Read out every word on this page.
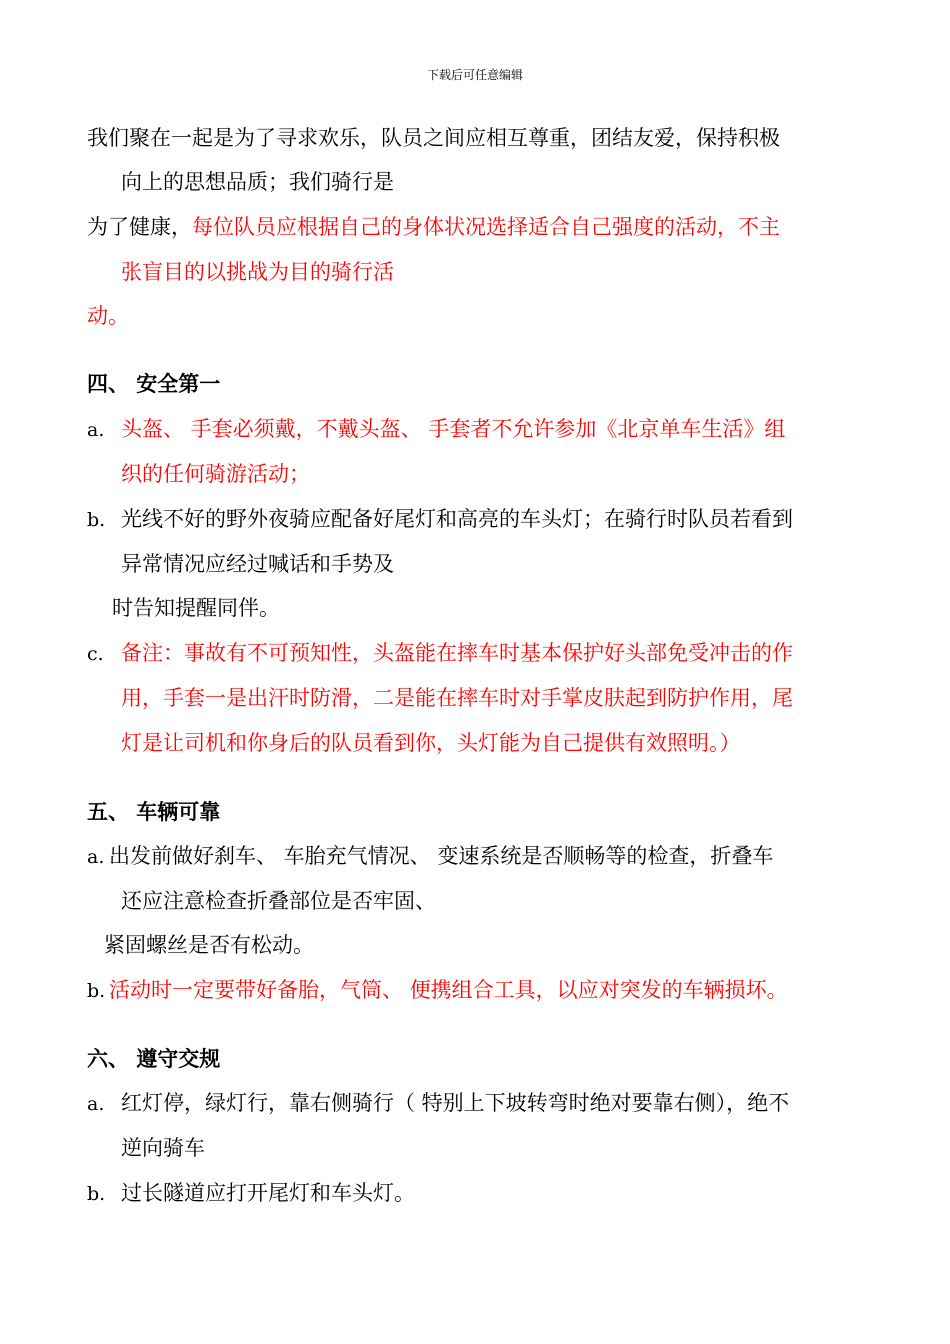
下载后可任意编辑
我们聚在一起是为了寻求欢乐，队员之间应相互尊重，团结友爱，保持积极
向上的思想品质；我们骑行是
为了健康，每位队员应根据自己的身体状况选择适合自己强度的活动，不主
张盲目的以挑战为目的骑行活
动。
四、 安全第一
a. 头盔、 手套必须戴，不戴头盔、 手套者不允许参加《北京单车生活》组
织的任何骑游活动；
b. 光线不好的野外夜骑应配备好尾灯和高亮的车头灯；在骑行时队员若看到
异常情况应经过喊话和手势及
时告知提醒同伴。
c. 备注：事故有不可预知性，头盔能在摔车时基本保护好头部免受冲击的作
用，手套一是出汗时防滑，二是能在摔车时对手掌皮肤起到防护作用，尾
灯是让司机和你身后的队员看到你，头灯能为自己提供有效照明。）
五、 车辆可靠
a. 出发前做好刹车、 车胎充气情况、 变速系统是否顺畅等的检查，折叠车
还应注意检查折叠部位是否牢固、
紧固螺丝是否有松动。
b. 活动时一定要带好备胎，气筒、 便携组合工具，以应对突发的车辆损坏。
六、 遵守交规
a. 红灯停，绿灯行，靠右侧骑行（ 特别上下坡转弯时绝对要靠右侧），绝不
逆向骑车
b. 过长隧道应打开尾灯和车头灯。
